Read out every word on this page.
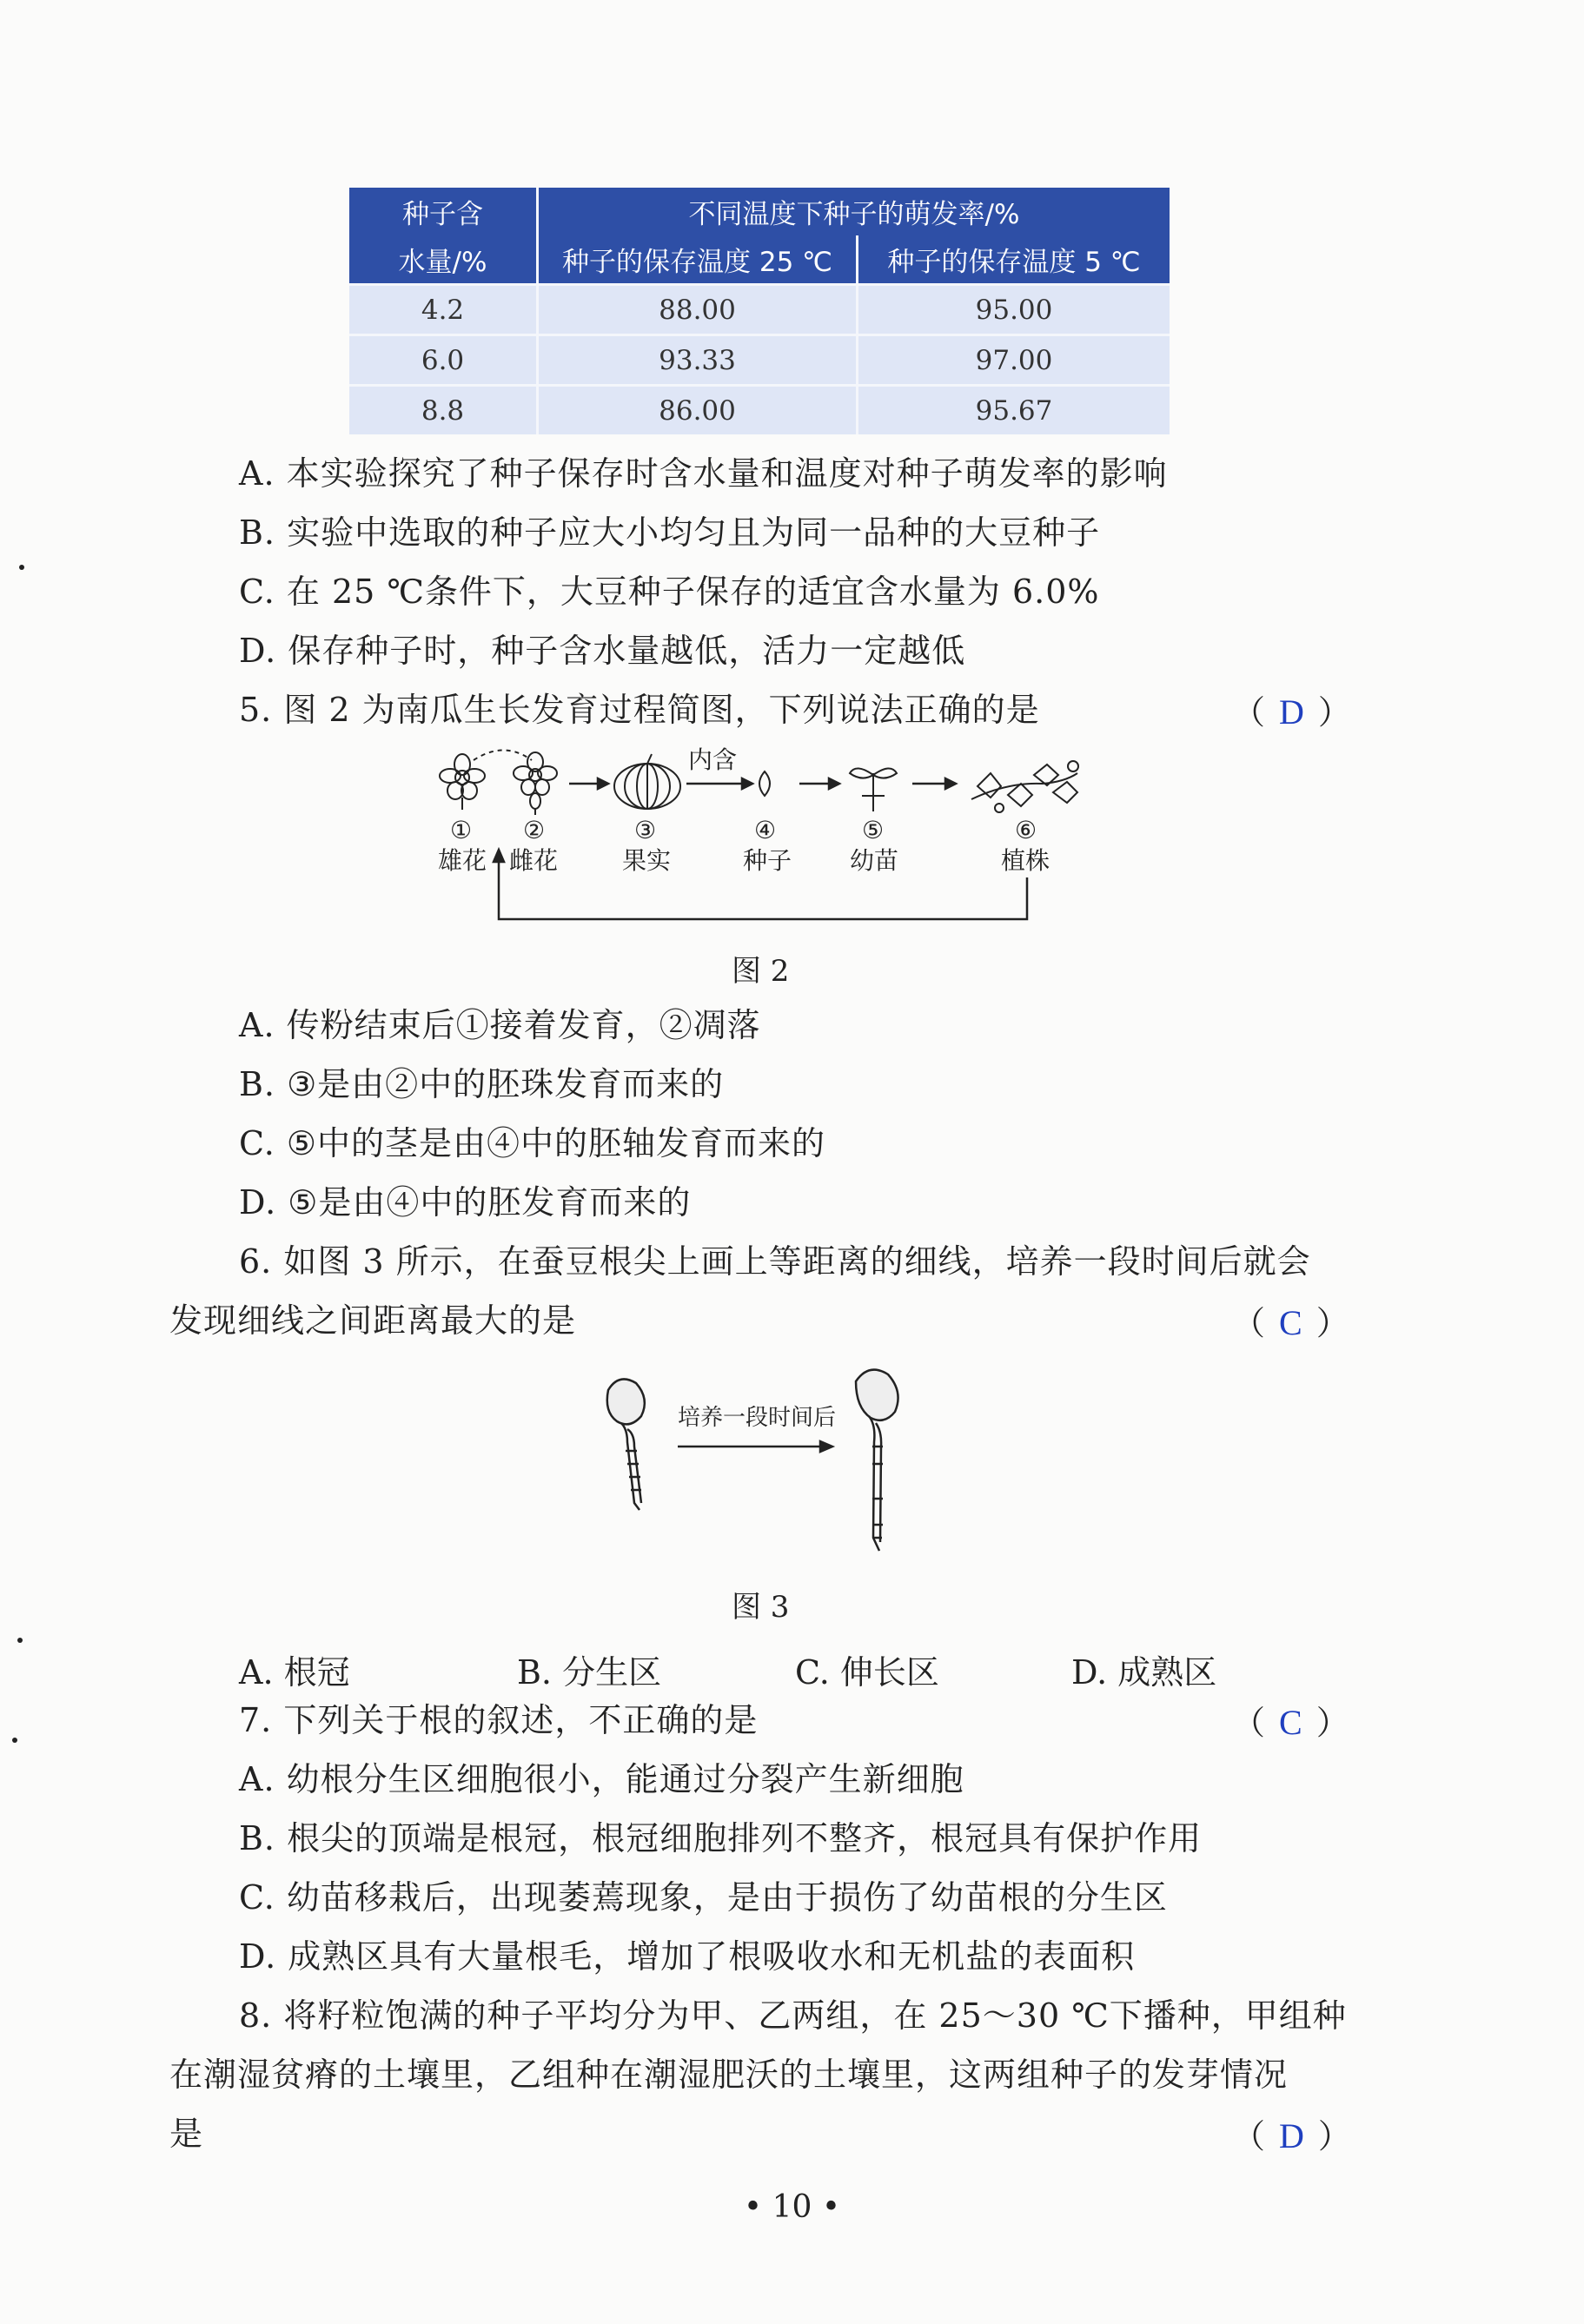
种子含	不同温度下种子的萌发率/%	
水量/%	种子的保存温度 25 ℃	种子的保存温度 5 ℃
4.2	88.00	95.00
6.0	93.33	97.00
8.8	86.00	95.67
A. 本实验探究了种子保存时含水量和温度对种子萌发率的影响
B. 实验中选取的种子应大小均匀且为同一品种的大豆种子
C. 在 25 ℃条件下，大豆种子保存的适宜含水量为 6.0%
D. 保存种子时，种子含水量越低，活力一定越低
5. 图 2 为南瓜生长发育过程简图，下列说法正确的是	（ D ）
内含
① ②	③	④	⑤	⑥
雄花 雌花	果实	种子 幼苗	植株
图 2
A. 传粉结束后①接着发育，②凋落
B. ③是由②中的胚珠发育而来的
C. ⑤中的茎是由④中的胚轴发育而来的
D. ⑤是由④中的胚发育而来的
6. 如图 3 所示，在蚕豆根尖上画上等距离的细线，培养一段时间后就会
发现细线之间距离最大的是	（ C ）
培养一段时间后
图 3
A. 根冠	B. 分生区	C. 伸长区	D. 成熟区
7. 下列关于根的叙述，不正确的是	（ C ）
A. 幼根分生区细胞很小，能通过分裂产生新细胞
B. 根尖的顶端是根冠，根冠细胞排列不整齐，根冠具有保护作用
C. 幼苗移栽后，出现萎蔫现象，是由于损伤了幼苗根的分生区
D. 成熟区具有大量根毛，增加了根吸收水和无机盐的表面积
8. 将籽粒饱满的种子平均分为甲、乙两组，在 25～30 ℃下播种，甲组种
在潮湿贫瘠的土壤里，乙组种在潮湿肥沃的土壤里，这两组种子的发芽情况
是	（ D ）
• 10 •
